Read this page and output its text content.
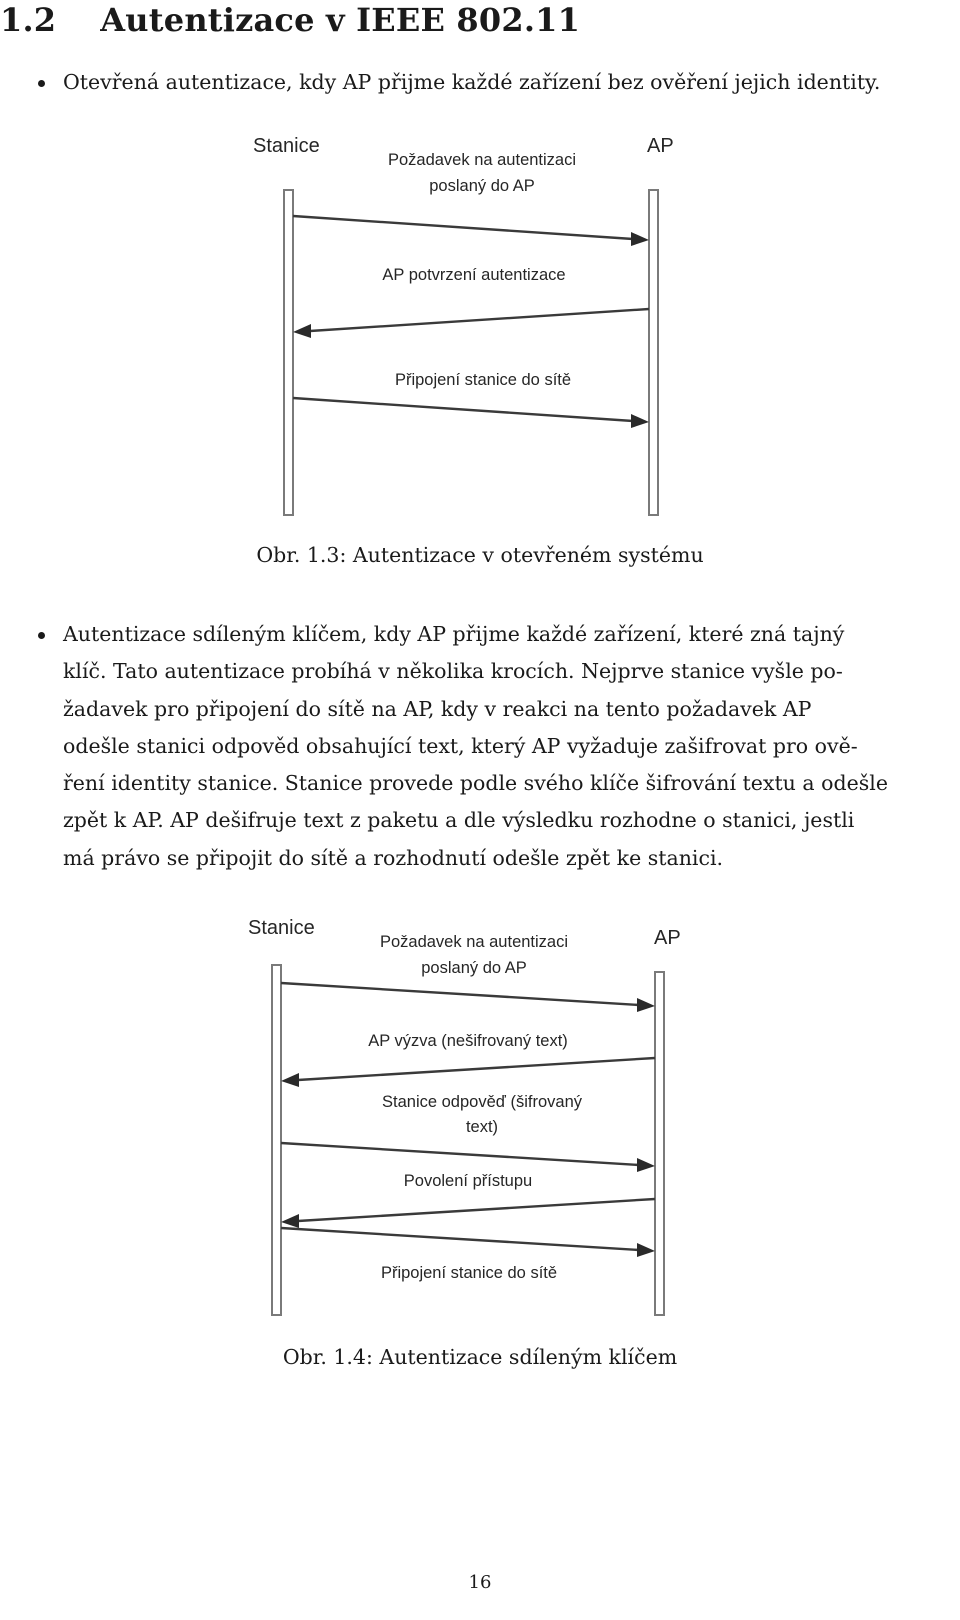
1.2 Autentizace v IEEE 802.11
Otevřená autentizace, kdy AP přijme každé zařízení bez ověření jejich identity.
Stanice	AP
Požadavek na autentizaci
poslaný do AP
AP potvrzení autentizace
Připojení stanice do sítě
Obr. 1.3: Autentizace v otevřeném systému
Autentizace sdíleným klíčem, kdy AP přijme každé zařízení, které zná tajný
klíč. Tato autentizace probíhá v několika krocích. Nejprve stanice vyšle po-
žadavek pro připojení do sítě na AP, kdy v reakci na tento požadavek AP
odešle stanici odpověd obsahující text, který AP vyžaduje zašifrovat pro ově-
ření identity stanice. Stanice provede podle svého klíče šifrování textu a odešle
zpět k AP. AP dešifruje text z paketu a dle výsledku rozhodne o stanici, jestli
má právo se připojit do sítě a rozhodnutí odešle zpět ke stanici.
Stanice	AP
Požadavek na autentizaci
poslaný do AP
AP výzva (nešifrovaný text)
Stanice odpověď (šifrovaný
text)
Povolení přístupu
Připojení stanice do sítě
Obr. 1.4: Autentizace sdíleným klíčem
16
